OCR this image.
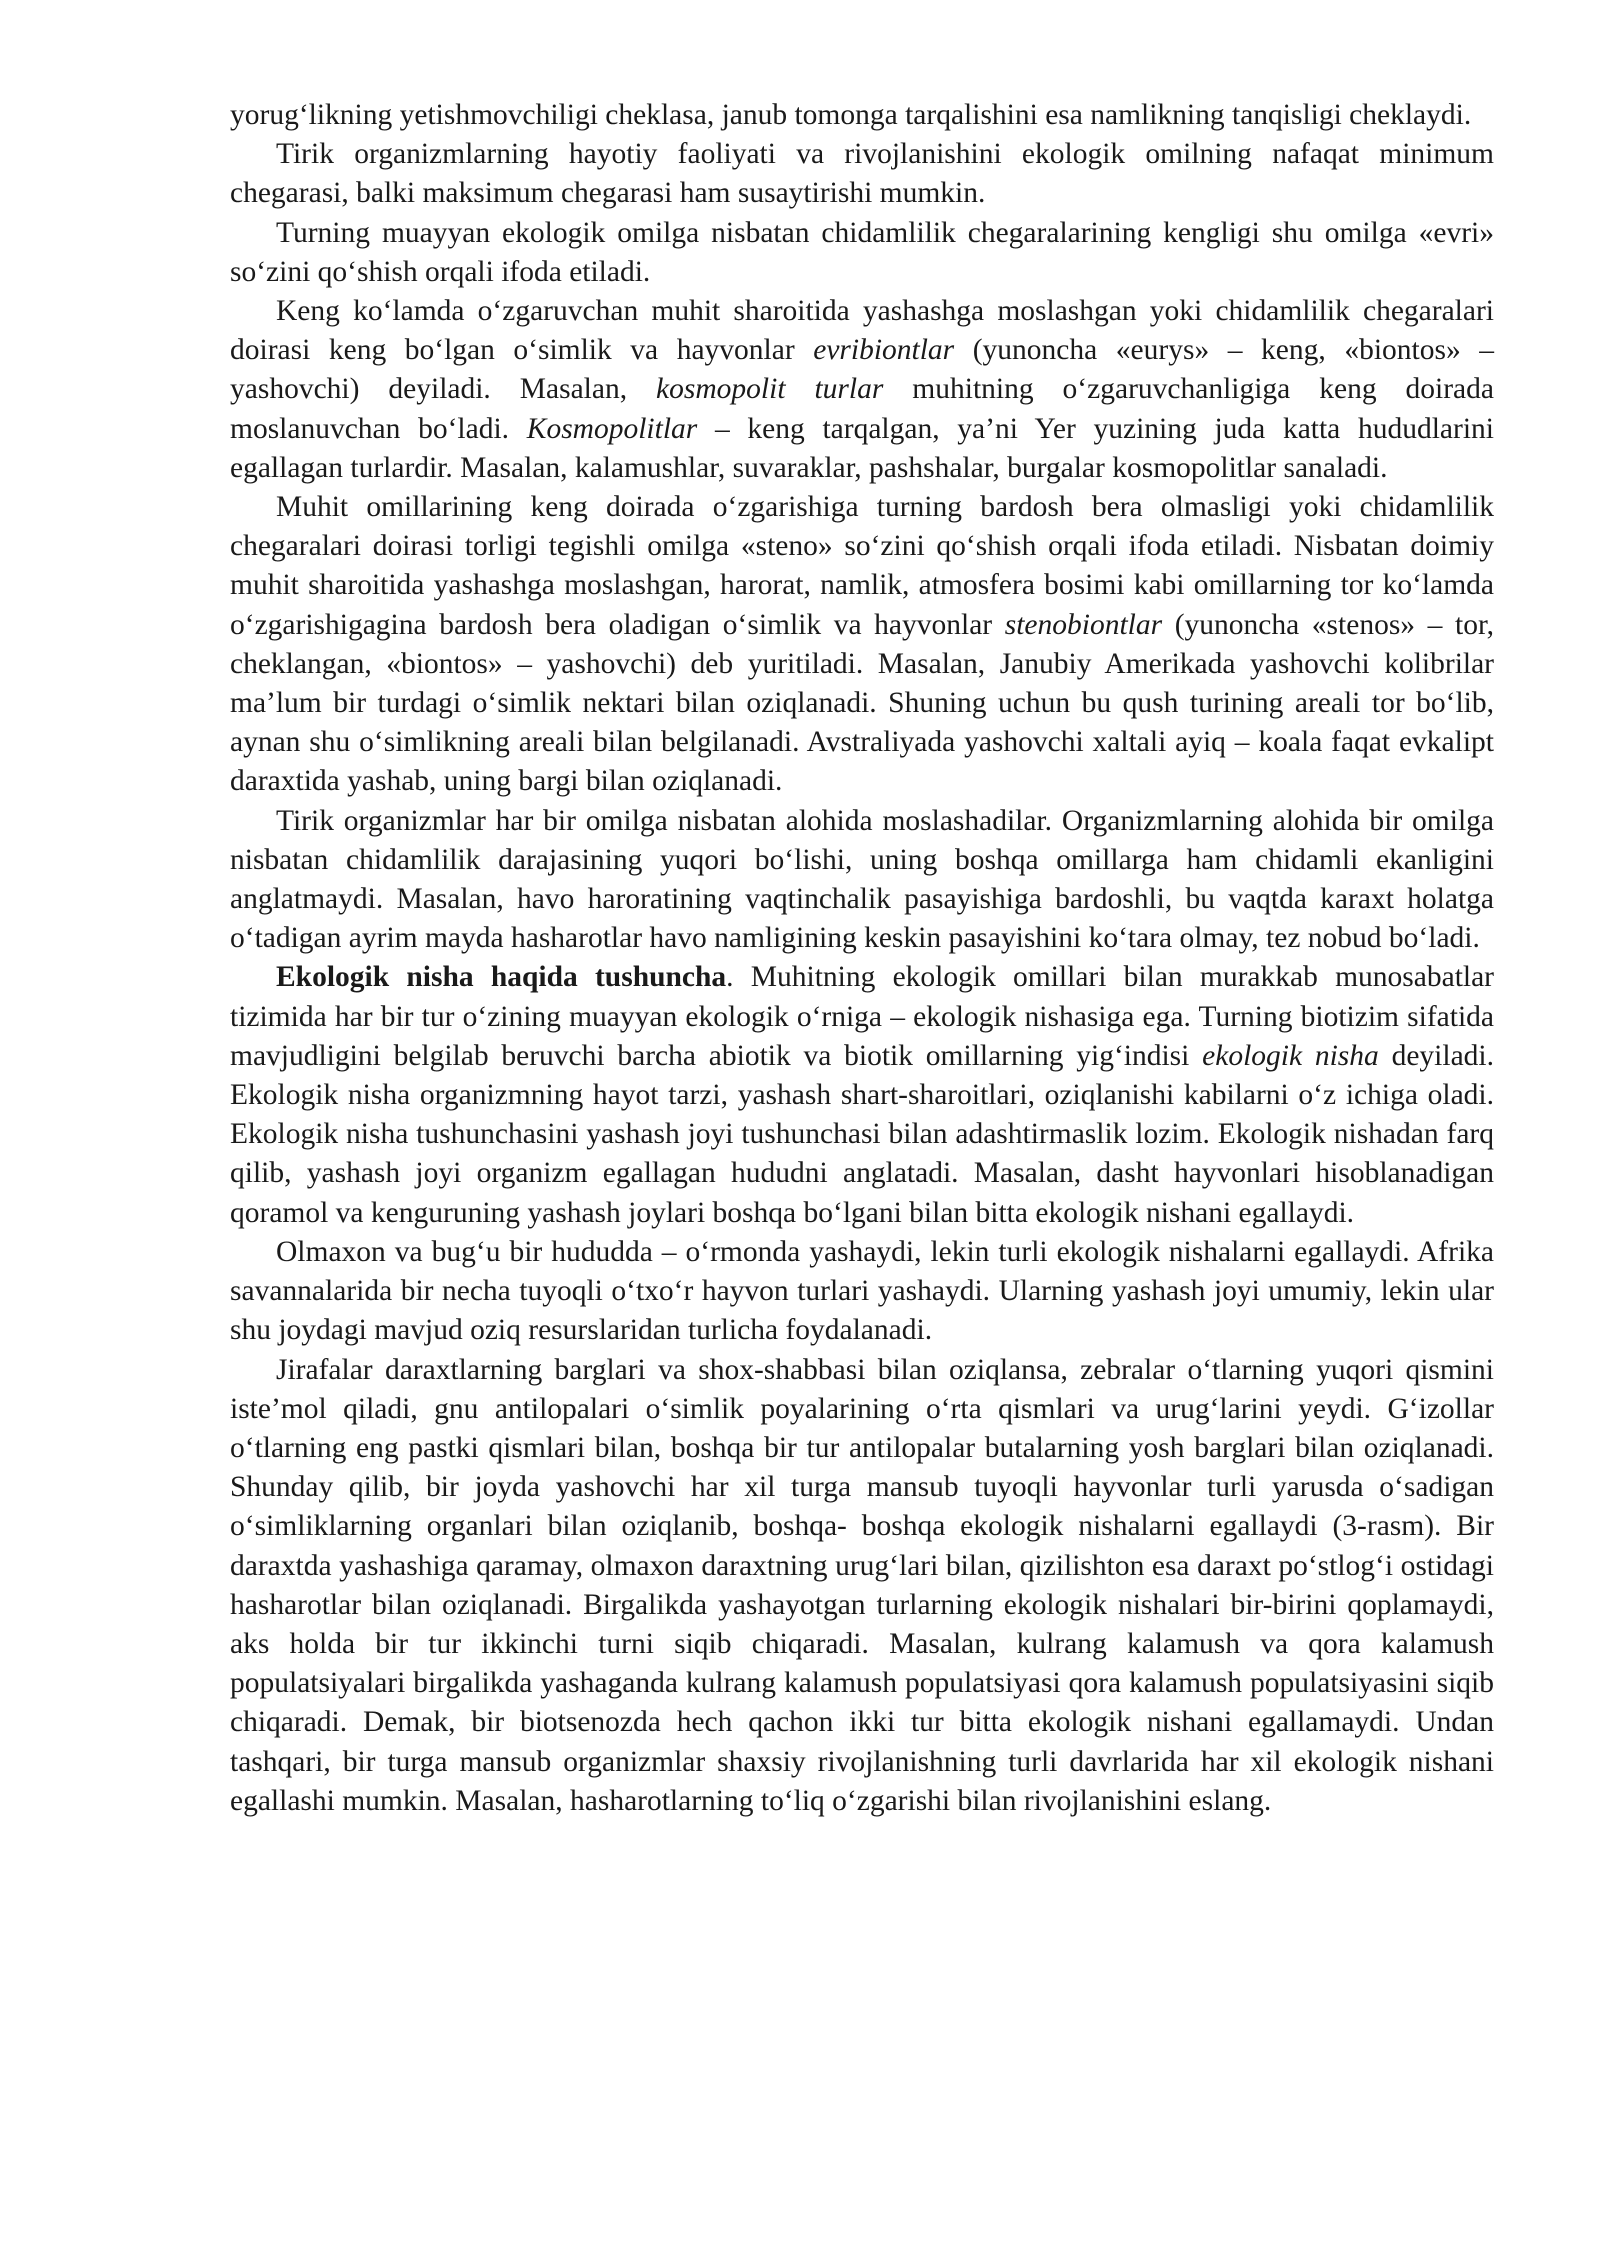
yorug‘likning yetishmovchiligi cheklasa, janub tomonga tarqalishini esa namlikning tanqisligi cheklaydi.

Tirik organizmlarning hayotiy faoliyati va rivojlanishini ekologik omilning nafaqat minimum chegarasi, balki maksimum chegarasi ham susaytirishi mumkin.

Turning muayyan ekologik omilga nisbatan chidamlilik chegaralarining kengligi shu omilga «evri» so‘zini qo‘shish orqali ifoda etiladi.

Keng ko‘lamda o‘zgaruvchan muhit sharoitida yashashga moslashgan yoki chidamlilik chegaralari doirasi keng bo‘lgan o‘simlik va hayvonlar evribiontlar (yunoncha «eurys» – keng, «biontos» – yashovchi) deyiladi. Masalan, kosmopolit turlar muhitning o‘zgaruvchanligiga keng doirada moslanuvchan bo‘ladi. Kosmopolitlar – keng tarqalgan, ya’ni Yer yuzining juda katta hududlarini egallagan turlardir. Masalan, kalamushlar, suvaraklar, pashshalar, burgalar kosmopolitlar sanaladi.

Muhit omillarining keng doirada o‘zgarishiga turning bardosh bera olmasligi yoki chidamlilik chegaralari doirasi torligi tegishli omilga «steno» so‘zini qo‘shish orqali ifoda etiladi. Nisbatan doimiy muhit sharoitida yashashga moslashgan, harorat, namlik, atmosfera bosimi kabi omillarning tor ko‘lamda o‘zgarishigagina bardosh bera oladigan o‘simlik va hayvonlar stenobiontlar (yunoncha «stenos» – tor, cheklangan, «biontos» – yashovchi) deb yuritiladi. Masalan, Janubiy Amerikada yashovchi kolibrilar ma’lum bir turdagi o‘simlik nektari bilan oziqlanadi. Shuning uchun bu qush turining areali tor bo‘lib, aynan shu o‘simlikning areali bilan belgilanadi. Avstraliyada yashovchi xaltali ayiq – koala faqat evkalipt daraxtida yashab, uning bargi bilan oziqlanadi.

Tirik organizmlar har bir omilga nisbatan alohida moslashadilar. Organizmlarning alohida bir omilga nisbatan chidamlilik darajasining yuqori bo‘lishi, uning boshqa omillarga ham chidamli ekanligini anglatmaydi. Masalan, havo haroratining vaqtinchalik pasayishiga bardoshli, bu vaqtda karaxt holatga o‘tadigan ayrim mayda hasharotlar havo namligining keskin pasayishini ko‘tara olmay, tez nobud bo‘ladi.

Ekologik nisha haqida tushuncha. Muhitning ekologik omillari bilan murakkab munosabatlar tizimida har bir tur o‘zining muayyan ekologik o‘rniga – ekologik nishasiga ega. Turning biotizim sifatida mavjudligini belgilab beruvchi barcha abiotik va biotik omillarning yig‘indisi ekologik nisha deyiladi. Ekologik nisha organizmning hayot tarzi, yashash shart-sharoitlari, oziqlanishi kabilarni o‘z ichiga oladi. Ekologik nisha tushunchasini yashash joyi tushunchasi bilan adashtirmaslik lozim. Ekologik nishadan farq qilib, yashash joyi organizm egallagan hududni anglatadi. Masalan, dasht hayvonlari hisoblanadigan qoramol va kenguruning yashash joylari boshqa bo‘lgani bilan bitta ekologik nishani egallaydi.

Olmaxon va bug‘u bir hududda – o‘rmonda yashaydi, lekin turli ekologik nishalarni egallaydi. Afrika savannalarida bir necha tuyoqli o‘txo‘r hayvon turlari yashaydi. Ularning yashash joyi umumiy, lekin ular shu joydagi mavjud oziq resurslaridan turlicha foydalanadi.

Jirafalar daraxtlarning barglari va shox-shabbasi bilan oziqlansa, zebralar o‘tlarning yuqori qismini iste’mol qiladi, gnu antilopalari o‘simlik poyalarining o‘rta qismlari va urug‘larini yeydi. G‘izollar o‘tlarning eng pastki qismlari bilan, boshqa bir tur antilopalar butalarning yosh barglari bilan oziqlanadi. Shunday qilib, bir joyda yashovchi har xil turga mansub tuyoqli hayvonlar turli yarusda o‘sadigan o‘simliklarning organlari bilan oziqlanib, boshqa- boshqa ekologik nishalarni egallaydi (3-rasm). Bir daraxtda yashashiga qaramay, olmaxon daraxtning urug‘lari bilan, qizilishton esa daraxt po‘stlog‘i ostidagi hasharotlar bilan oziqlanadi. Birgalikda yashayotgan turlarning ekologik nishalari bir-birini qoplamaydi, aks holda bir tur ikkinchi turni siqib chiqaradi. Masalan, kulrang kalamush va qora kalamush populatsiyalari birgalikda yashaganda kulrang kalamush populatsiyasi qora kalamush populatsiyasini siqib chiqaradi. Demak, bir biotsenozda hech qachon ikki tur bitta ekologik nishani egallamaydi. Undan tashqari, bir turga mansub organizmlar shaxsiy rivojlanishning turli davrlarida har xil ekologik nishani egallashi mumkin. Masalan, hasharotlarning to‘liq o‘zgarishi bilan rivojlanishini eslang.
